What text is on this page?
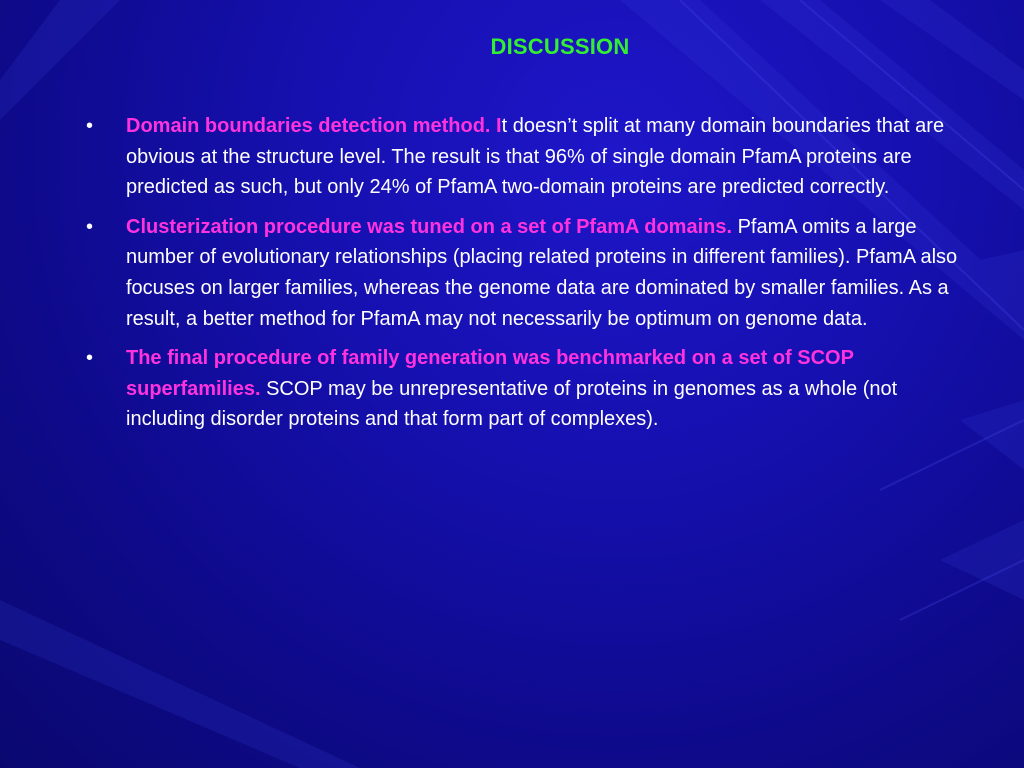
DISCUSSION
• Domain boundaries detection method. It doesn’t split at many domain boundaries that are obvious at the structure level. The result is that 96% of single domain PfamA proteins are predicted as such, but only 24% of PfamA two-domain proteins are predicted correctly.
• Clusterization procedure was tuned on a set of PfamA domains. PfamA omits a large number of evolutionary relationships (placing related proteins in different families). PfamA also focuses on larger families, whereas the genome data are dominated by smaller families. As a result, a better method for PfamA may not necessarily be optimum on genome data.
• The final procedure of family generation was benchmarked on a set of SCOP superfamilies. SCOP may be unrepresentative of proteins in genomes as a whole (not including disorder proteins and that form part of complexes).
